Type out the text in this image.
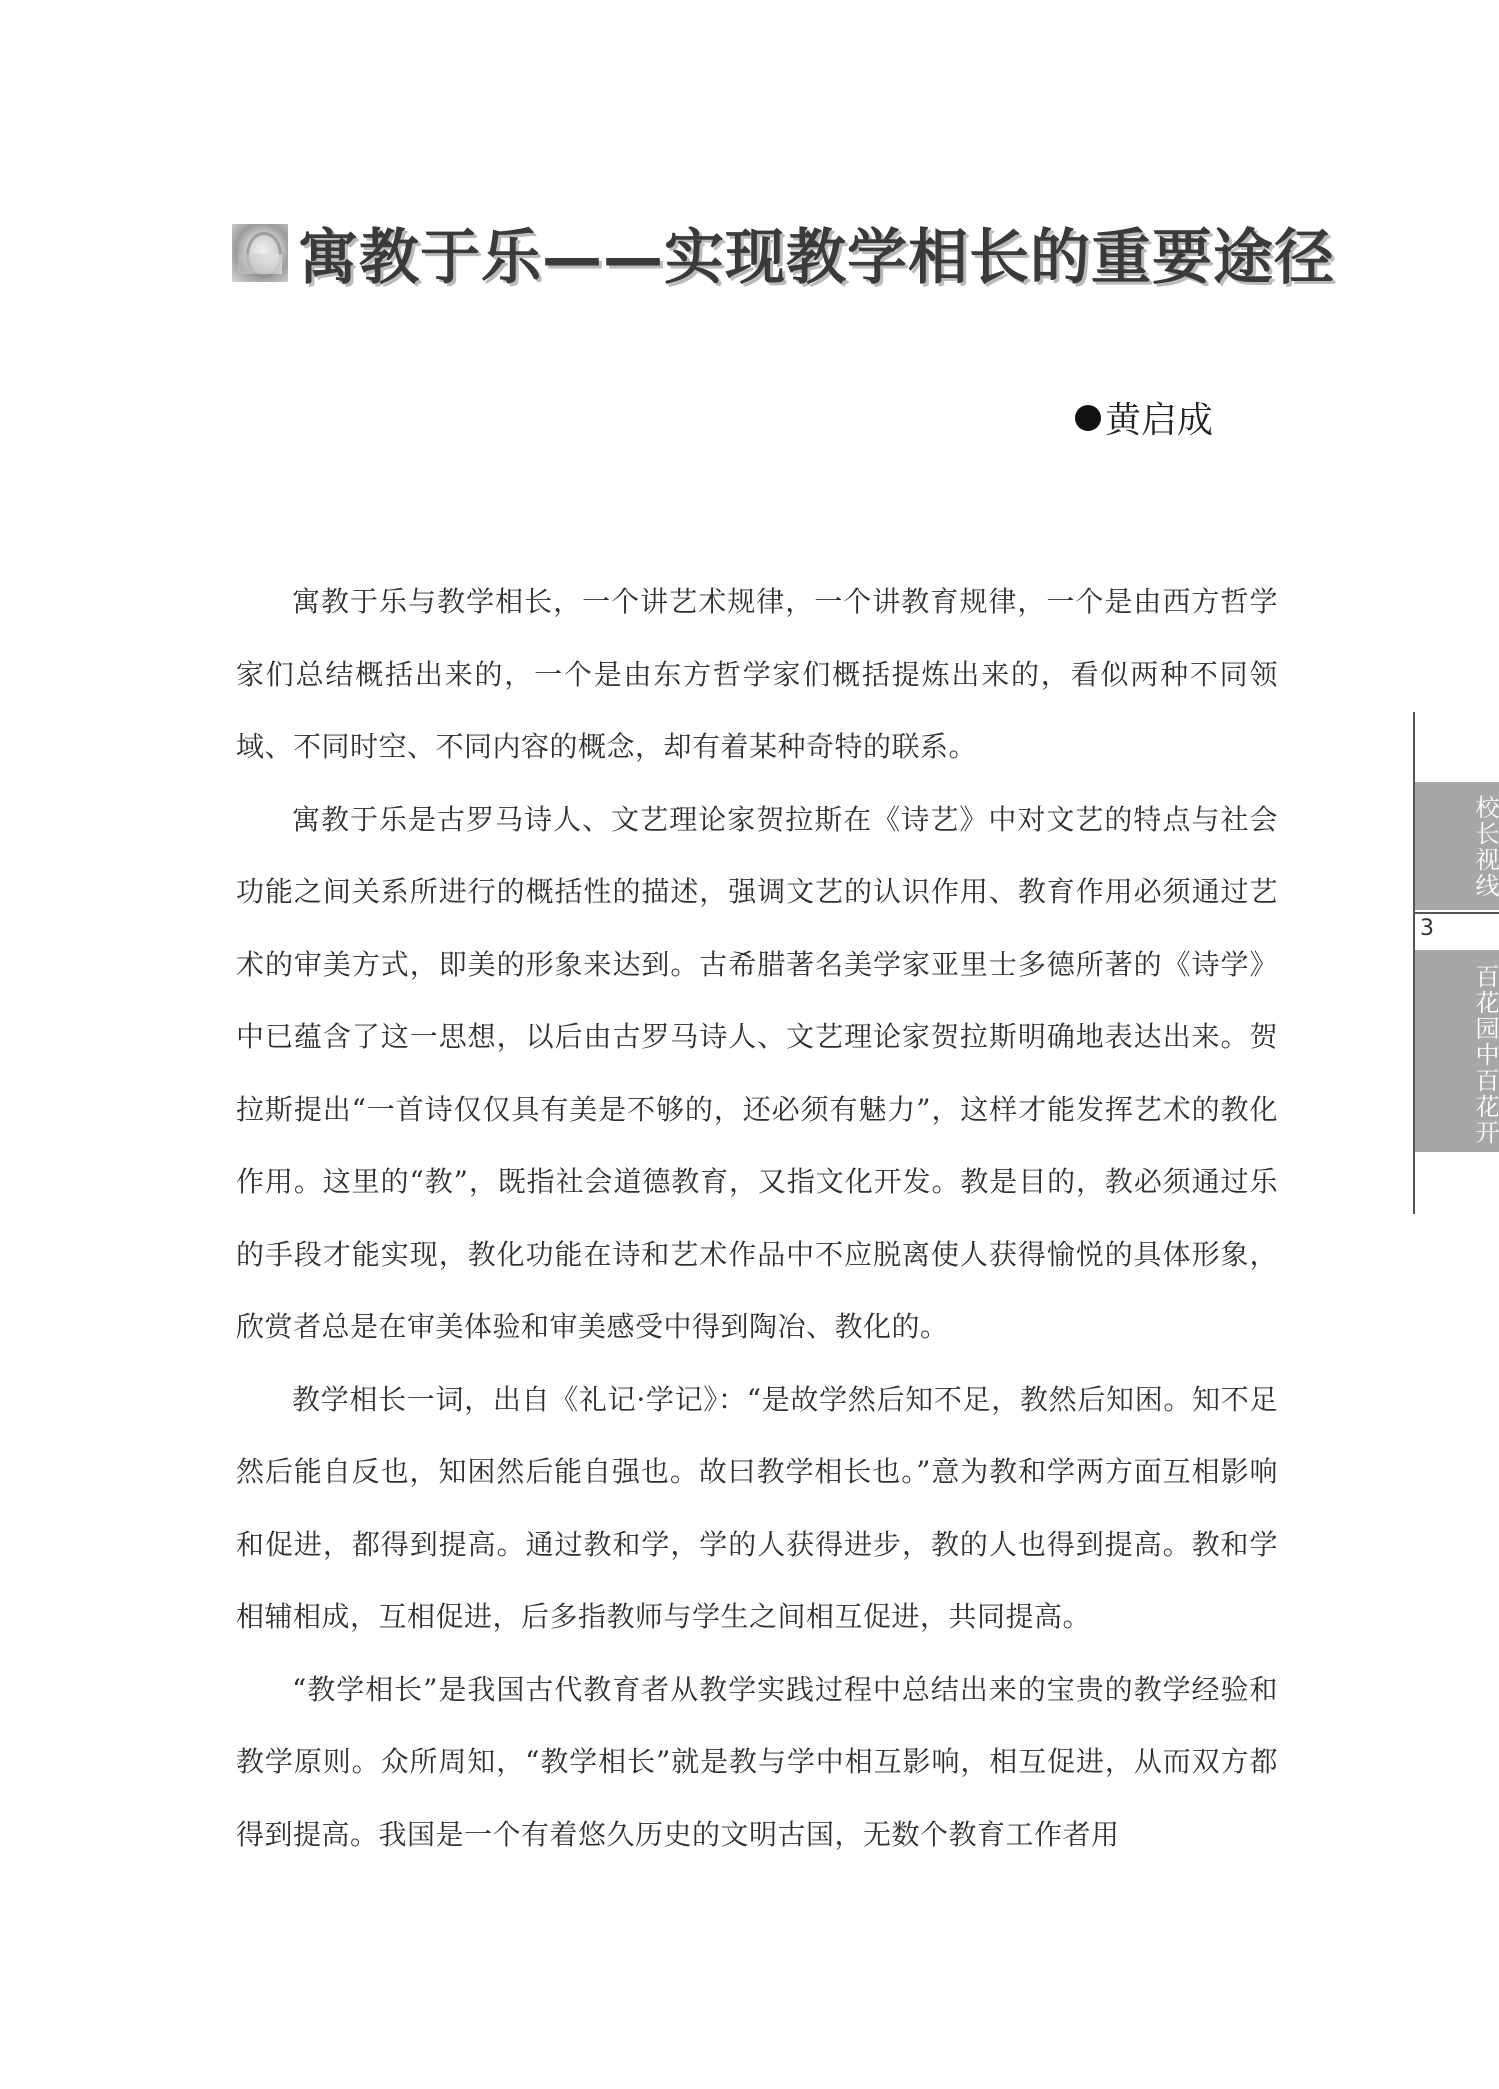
寓教于乐——实现教学相长的重要途径
黄启成

寓教于乐与教学相长，一个讲艺术规律，一个讲教育规律，一个是由西方哲学家们总结概括出来的，一个是由东方哲学家们概括提炼出来的，看似两种不同领域、不同时空、不同内容的概念，却有着某种奇特的联系。

寓教于乐是古罗马诗人、文艺理论家贺拉斯在《诗艺》中对文艺的特点与社会功能之间关系所进行的概括性的描述，强调文艺的认识作用、教育作用必须通过艺术的审美方式，即美的形象来达到。古希腊著名美学家亚里士多德所著的《诗学》中已蕴含了这一思想，以后由古罗马诗人、文艺理论家贺拉斯明确地表达出来。贺拉斯提出“一首诗仅仅具有美是不够的，还必须有魅力”，这样才能发挥艺术的教化作用。这里的“教”，既指社会道德教育，又指文化开发。教是目的，教必须通过乐的手段才能实现，教化功能在诗和艺术作品中不应脱离使人获得愉悦的具体形象，欣赏者总是在审美体验和审美感受中得到陶冶、教化的。

教学相长一词，出自《礼记·学记》：“是故学然后知不足，教然后知困。知不足然后能自反也，知困然后能自强也。故曰教学相长也。”意为教和学两方面互相影响和促进，都得到提高。通过教和学，学的人获得进步，教的人也得到提高。教和学相辅相成，互相促进，后多指教师与学生之间相互促进，共同提高。

“教学相长”是我国古代教育者从教学实践过程中总结出来的宝贵的教学经验和教学原则。众所周知，“教学相长”就是教与学中相互影响，相互促进，从而双方都得到提高。我国是一个有着悠久历史的文明古国，无数个教育工作者用

校长视线
3
百花园中百花开
